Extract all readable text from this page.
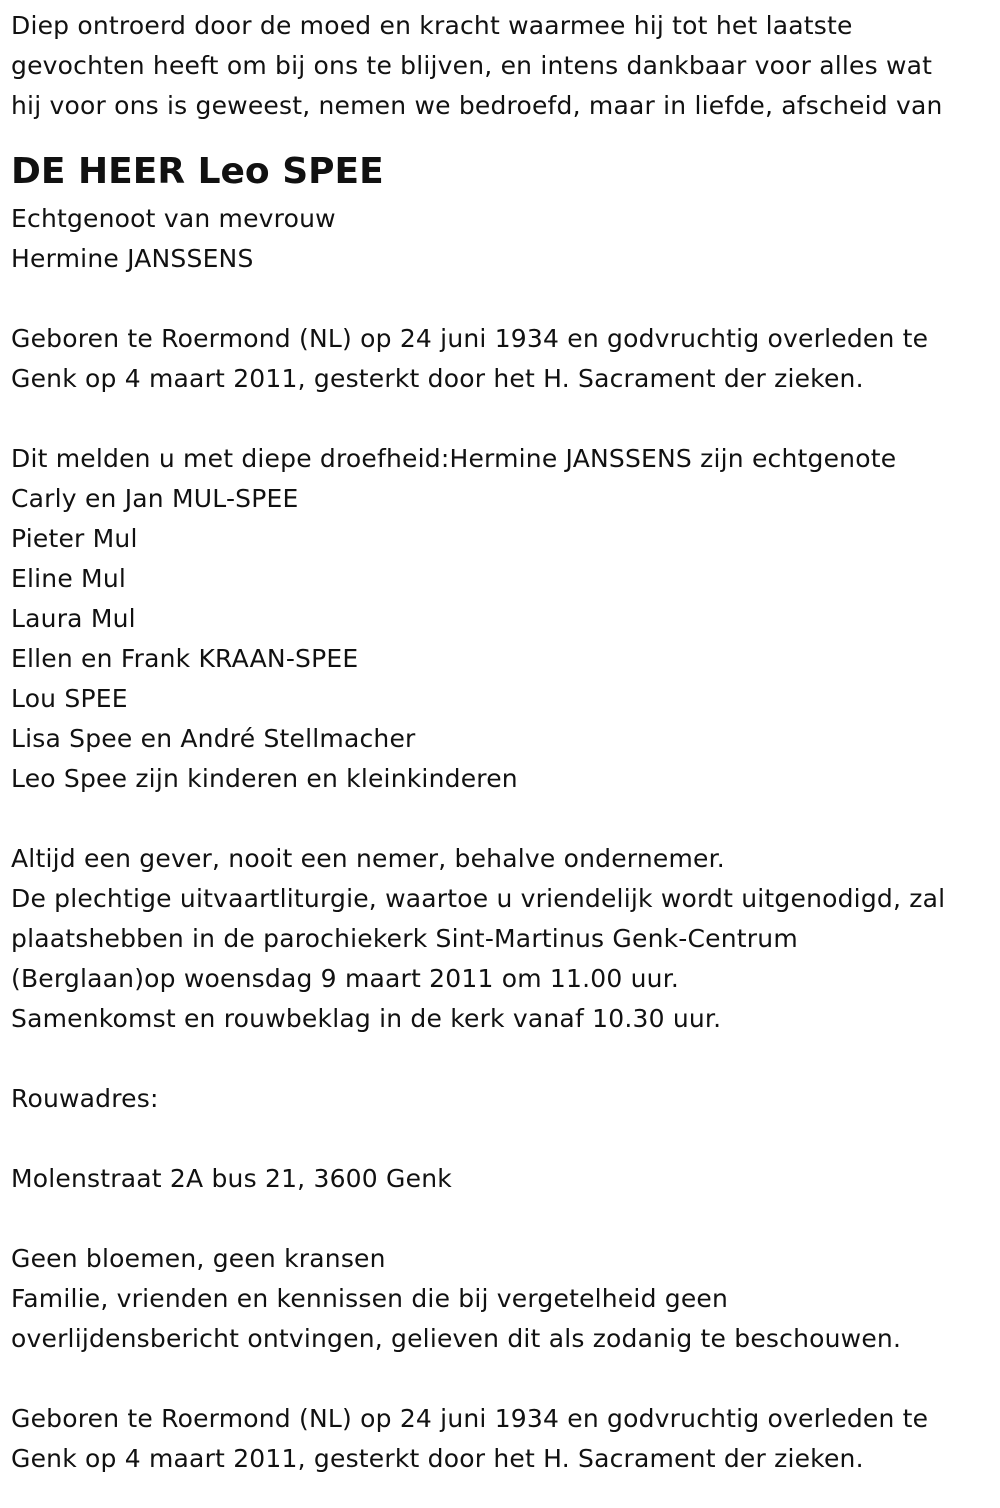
Diep ontroerd door de moed en kracht waarmee hij tot het laatste
gevochten heeft om bij ons te blijven, en intens dankbaar voor alles wat
hij voor ons is geweest, nemen we bedroefd, maar in liefde, afscheid van
DE HEER Leo SPEE
Echtgenoot van mevrouw
Hermine JANSSENS
Geboren te Roermond (NL) op 24 juni 1934 en godvruchtig overleden te
Genk op 4 maart 2011, gesterkt door het H. Sacrament der zieken.
Dit melden u met diepe droefheid:Hermine JANSSENS zijn echtgenote
Carly en Jan MUL-SPEE
Pieter Mul
Eline Mul
Laura Mul
Ellen en Frank KRAAN-SPEE
Lou SPEE
Lisa Spee en André Stellmacher
Leo Spee zijn kinderen en kleinkinderen
Altijd een gever, nooit een nemer, behalve ondernemer.
De plechtige uitvaartliturgie, waartoe u vriendelijk wordt uitgenodigd, zal
plaatshebben in de parochiekerk Sint-Martinus Genk-Centrum
(Berglaan)op woensdag 9 maart 2011 om 11.00 uur.
Samenkomst en rouwbeklag in de kerk vanaf 10.30 uur.
Rouwadres:
Molenstraat 2A bus 21, 3600 Genk
Geen bloemen, geen kransen
Familie, vrienden en kennissen die bij vergetelheid geen
overlijdensbericht ontvingen, gelieven dit als zodanig te beschouwen.
Geboren te Roermond (NL) op 24 juni 1934 en godvruchtig overleden te
Genk op 4 maart 2011, gesterkt door het H. Sacrament der zieken.
